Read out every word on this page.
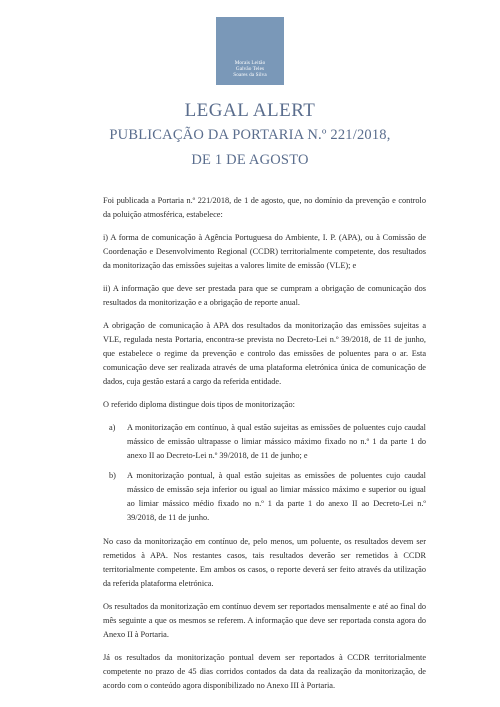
Morais Leitão
Galvão Teles
Soares da Silva
LEGAL ALERT
PUBLICAÇÃO DA PORTARIA N.º 221/2018,
DE 1 DE AGOSTO

Foi publicada a Portaria n.º 221/2018, de 1 de agosto, que, no domínio da prevenção e controlo da poluição atmosférica, estabelece:

i) A forma de comunicação à Agência Portuguesa do Ambiente, I. P. (APA), ou à Comissão de Coordenação e Desenvolvimento Regional (CCDR) territorialmente competente, dos resultados da monitorização das emissões sujeitas a valores limite de emissão (VLE); e

ii) A informação que deve ser prestada para que se cumpram a obrigação de comunicação dos resultados da monitorização e a obrigação de reporte anual.

A obrigação de comunicação à APA dos resultados da monitorização das emissões sujeitas a VLE, regulada nesta Portaria, encontra-se prevista no Decreto-Lei n.º 39/2018, de 11 de junho, que estabelece o regime da prevenção e controlo das emissões de poluentes para o ar. Esta comunicação deve ser realizada através de uma plataforma eletrónica única de comunicação de dados, cuja gestão estará a cargo da referida entidade.

O referido diploma distingue dois tipos de monitorização:

a)	A monitorização em contínuo, à qual estão sujeitas as emissões de poluentes cujo caudal mássico de emissão ultrapasse o limiar mássico máximo fixado no n.º 1 da parte 1 do anexo II ao Decreto-Lei n.º 39/2018, de 11 de junho; e
b)	A monitorização pontual, à qual estão sujeitas as emissões de poluentes cujo caudal mássico de emissão seja inferior ou igual ao limiar mássico máximo e superior ou igual ao limiar mássico médio fixado no n.º 1 da parte 1 do anexo II ao Decreto-Lei n.º 39/2018, de 11 de junho.

No caso da monitorização em contínuo de, pelo menos, um poluente, os resultados devem ser remetidos à APA. Nos restantes casos, tais resultados deverão ser remetidos à CCDR territorialmente competente. Em ambos os casos, o reporte deverá ser feito através da utilização da referida plataforma eletrónica.

Os resultados da monitorização em contínuo devem ser reportados mensalmente e até ao final do mês seguinte a que os mesmos se referem. A informação que deve ser reportada consta agora do Anexo II à Portaria.

Já os resultados da monitorização pontual devem ser reportados à CCDR territorialmente competente no prazo de 45 dias corridos contados da data da realização da monitorização, de acordo com o conteúdo agora disponibilizado no Anexo III à Portaria.
